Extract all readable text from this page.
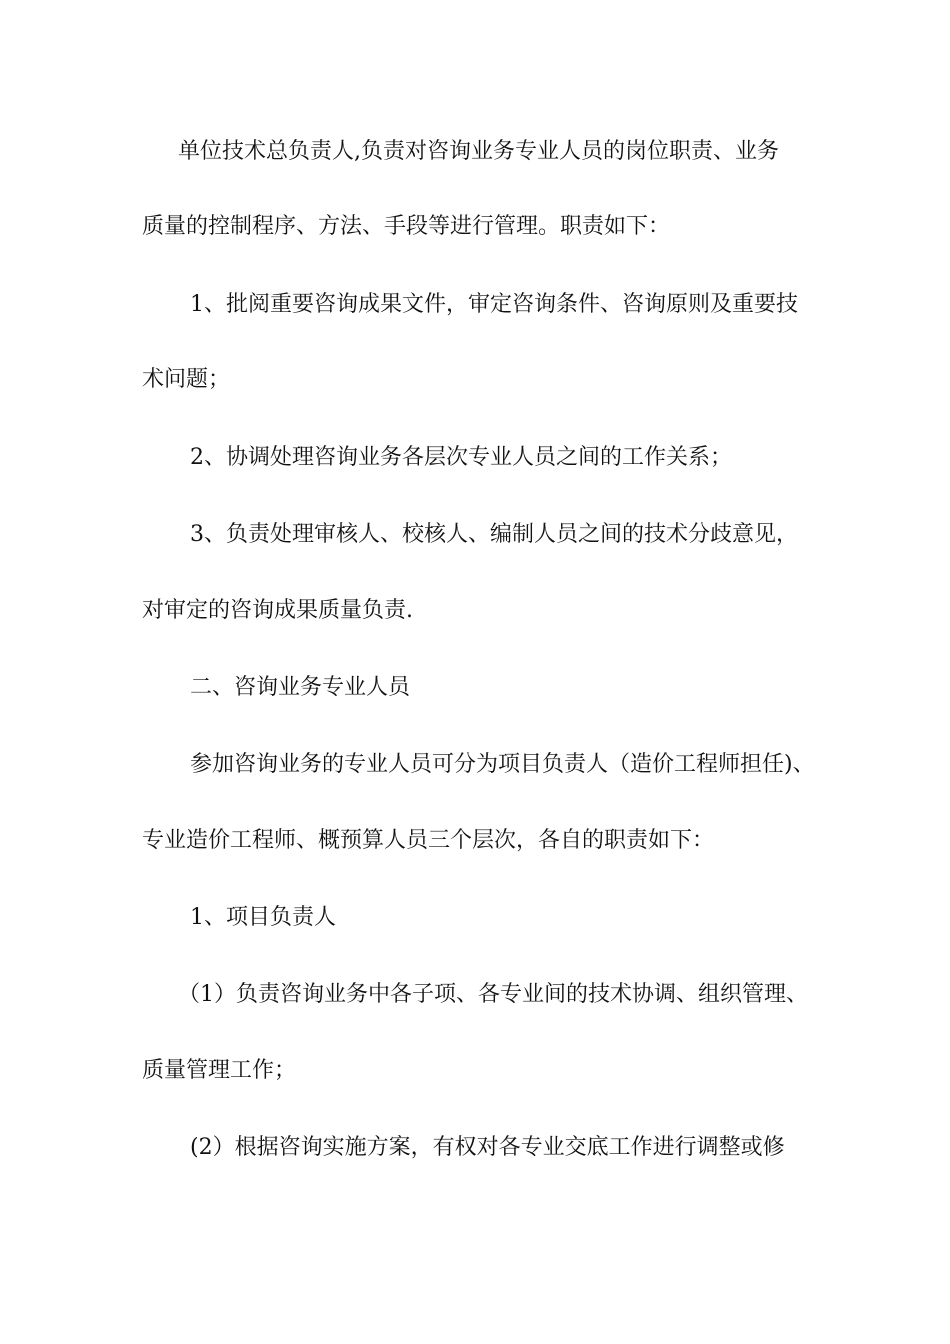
单位技术总负责人,负责对咨询业务专业人员的岗位职责、业务
质量的控制程序、方法、手段等进行管理。职责如下：
1、批阅重要咨询成果文件，审定咨询条件、咨询原则及重要技
术问题；
2、协调处理咨询业务各层次专业人员之间的工作关系；
3、负责处理审核人、校核人、编制人员之间的技术分歧意见，
对审定的咨询成果质量负责.
二、咨询业务专业人员
参加咨询业务的专业人员可分为项目负责人（造价工程师担任)、
专业造价工程师、概预算人员三个层次，各自的职责如下：
1、项目负责人
（1）负责咨询业务中各子项、各专业间的技术协调、组织管理、
质量管理工作；
(2）根据咨询实施方案，有权对各专业交底工作进行调整或修
